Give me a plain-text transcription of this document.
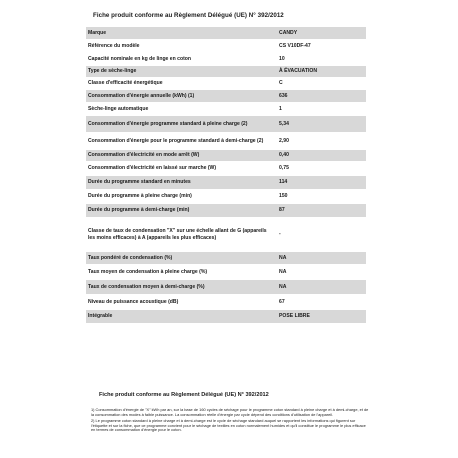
Fiche produit conforme au Règlement Délégué (UE) N° 392/2012
Marque	CANDY
Référence du modèle	CS V10DF-47
Capacité nominale en kg de linge en coton	10
Type de sèche-linge	À ÉVACUATION
Classe d'efficacité énergétique	C
Consommation d'énergie annuelle (kWh) (1)	636
Sèche-linge automatique	1
Consommation d'énergie programme standard à pleine charge (2)	5,34
Consommation d'énergie pour le programme standard à demi-charge (2)	2,90
Consommation d'électricité en mode arrêt (W)	0,40
Consommation d'électricité en laissé sur marche (W)	0,75
Durée du programme standard en minutes	114
Durée du programme à pleine charge (min)	150
Durée du programme à demi-charge (min)	87
Classe de taux de condensation "X" sur une échelle allant de G (appareils les moins efficaces) à A (appareils les plus efficaces)	-
Taux pondéré de condensation (%)	NA
Taux moyen de condensation à pleine charge (%)	NA
Taux de condensation moyen à demi-charge (%)	NA
Niveau de puissance acoustique (dB)	67
Intégrable	POSE LIBRE
Fiche produit conforme au Règlement Délégué (UE) N° 392/2012

1) Consommation d'énergie de "X" kWh par an, sur la base de 160 cycles de séchage pour le programme coton standard à pleine charge et à demi-charge, et de la consommation des modes à faible puissance. La consommation réelle d'énergie par cycle dépend des conditions d'utilisation de l'appareil.

2) Le programme coton standard à pleine charge et à demi-charge est le cycle de séchage standard auquel se rapportent les informations qui figurent sur l'étiquette et sur la fiche, que ce programme convient pour le séchage de textiles en coton normalement humides et qu'il constitue le programme le plus efficace en termes de consommation d'énergie pour le coton.
